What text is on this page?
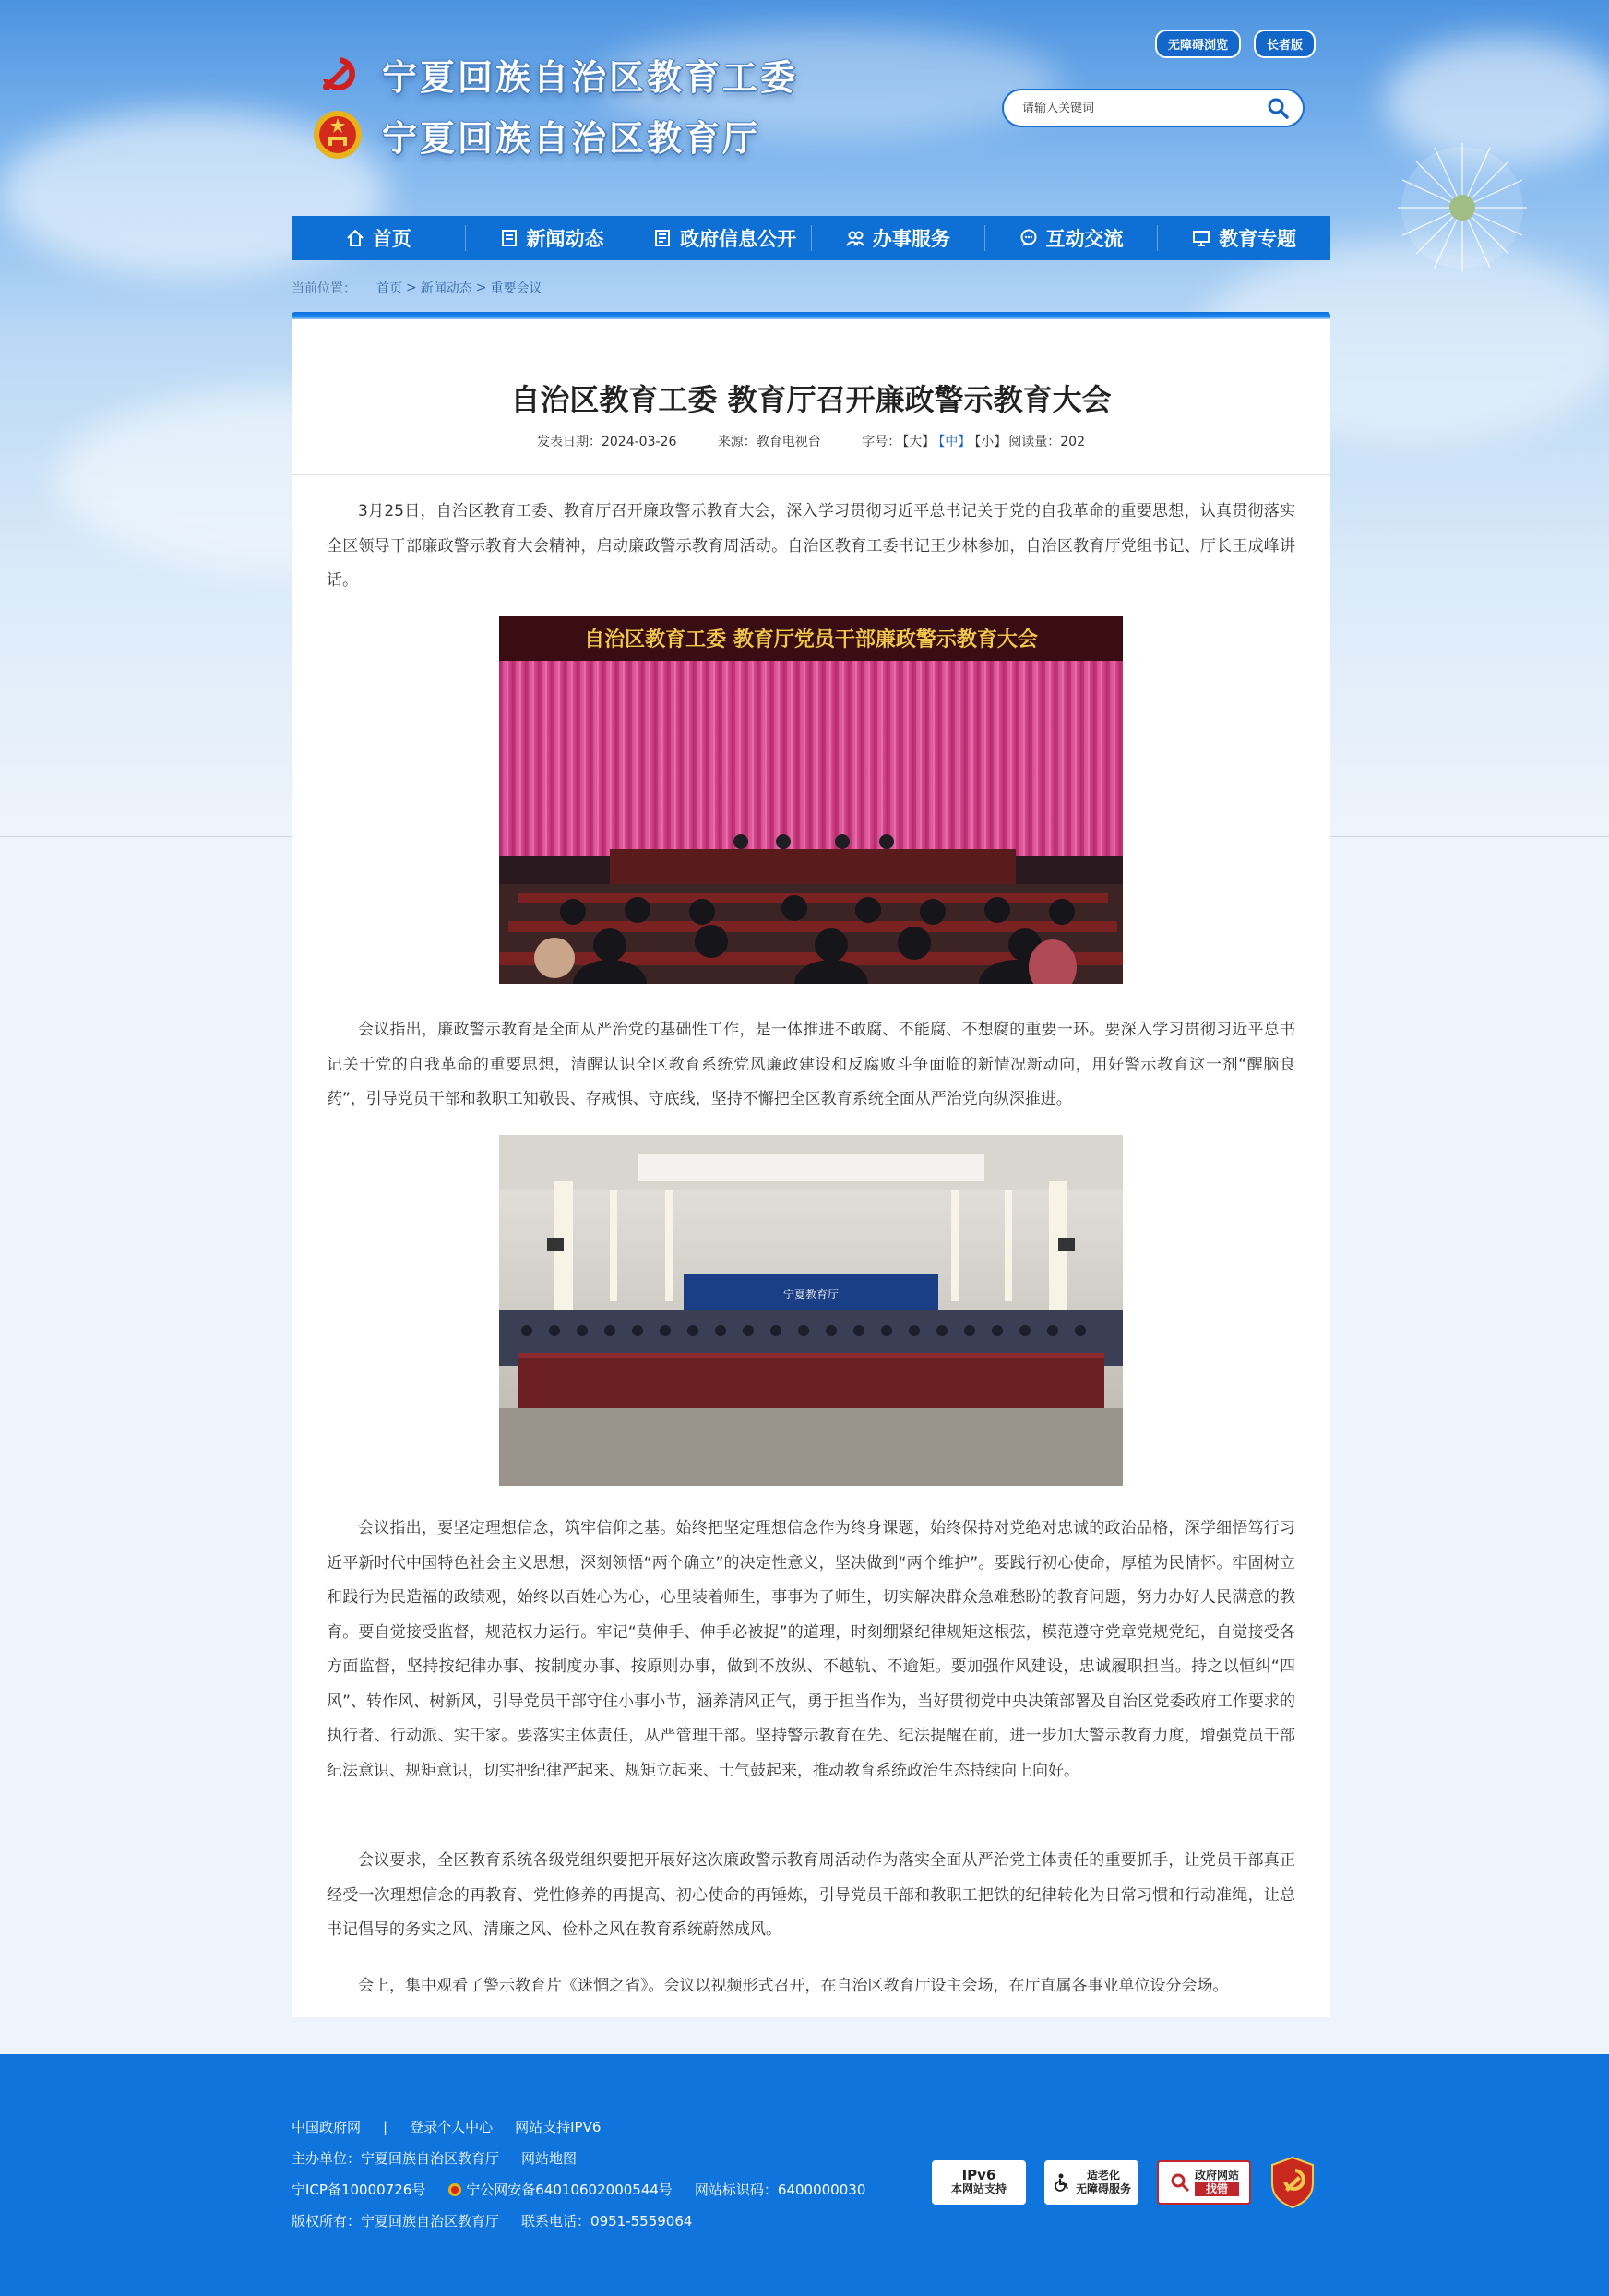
宁夏回族自治区教育工委
宁夏回族自治区教育厅
无障碍浏览	长者版
请输入关键词
首页	新闻动态	政府信息公开	办事服务	互动交流	教育专题
当前位置： 首页 > 新闻动态 > 重要会议
自治区教育工委 教育厅召开廉政警示教育大会
发表日期：2024-03-26	来源：教育电视台	字号： 【大】 【中】 【小】 阅读量：202

3月25日，自治区教育工委、教育厅召开廉政警示教育大会，深入学习贯彻习近平总书记关于党的自我革命的重要思想，认真贯彻落实全区领导干部廉政警示教育大会精神，启动廉政警示教育周活动。自治区教育工委书记王少林参加，自治区教育厅党组书记、厅长王成峰讲话。

自治区教育工委 教育厅党员干部廉政警示教育大会

会议指出，廉政警示教育是全面从严治党的基础性工作，是一体推进不敢腐、不能腐、不想腐的重要一环。要深入学习贯彻习近平总书记关于党的自我革命的重要思想，清醒认识全区教育系统党风廉政建设和反腐败斗争面临的新情况新动向，用好警示教育这一剂“醒脑良药”，引导党员干部和教职工知敬畏、存戒惧、守底线，坚持不懈把全区教育系统全面从严治党向纵深推进。

宁夏教育厅

会议指出，要坚定理想信念，筑牢信仰之基。始终把坚定理想信念作为终身课题，始终保持对党绝对忠诚的政治品格，深学细悟笃行习近平新时代中国特色社会主义思想，深刻领悟“两个确立”的决定性意义，坚决做到“两个维护”。要践行初心使命，厚植为民情怀。牢固树立和践行为民造福的政绩观，始终以百姓心为心，心里装着师生，事事为了师生，切实解决群众急难愁盼的教育问题，努力办好人民满意的教育。要自觉接受监督，规范权力运行。牢记“莫伸手、伸手必被捉”的道理，时刻绷紧纪律规矩这根弦，模范遵守党章党规党纪，自觉接受各方面监督，坚持按纪律办事、按制度办事、按原则办事，做到不放纵、不越轨、不逾矩。要加强作风建设，忠诚履职担当。持之以恒纠“四风”、转作风、树新风，引导党员干部守住小事小节，涵养清风正气，勇于担当作为，当好贯彻党中央决策部署及自治区党委政府工作要求的执行者、行动派、实干家。要落实主体责任，从严管理干部。坚持警示教育在先、纪法提醒在前，进一步加大警示教育力度，增强党员干部纪法意识、规矩意识，切实把纪律严起来、规矩立起来、士气鼓起来，推动教育系统政治生态持续向上向好。

会议要求，全区教育系统各级党组织要把开展好这次廉政警示教育周活动作为落实全面从严治党主体责任的重要抓手，让党员干部真正经受一次理想信念的再教育、党性修养的再提高、初心使命的再锤炼，引导党员干部和教职工把铁的纪律转化为日常习惯和行动准绳，让总书记倡导的务实之风、清廉之风、俭朴之风在教育系统蔚然成风。

会上，集中观看了警示教育片《迷惘之省》。会议以视频形式召开，在自治区教育厅设主会场，在厅直属各事业单位设分会场。

中国政府网 | 登录个人中心 网站支持IPV6
主办单位：宁夏回族自治区教育厅 网站地图
宁ICP备10000726号	宁公网安备64010602000544号 网站标识码：6400000030
版权所有：宁夏回族自治区教育厅 联系电话：0951-5559064
IPv6
本网站支持
适老化
无障碍服务
政府网站
找错
